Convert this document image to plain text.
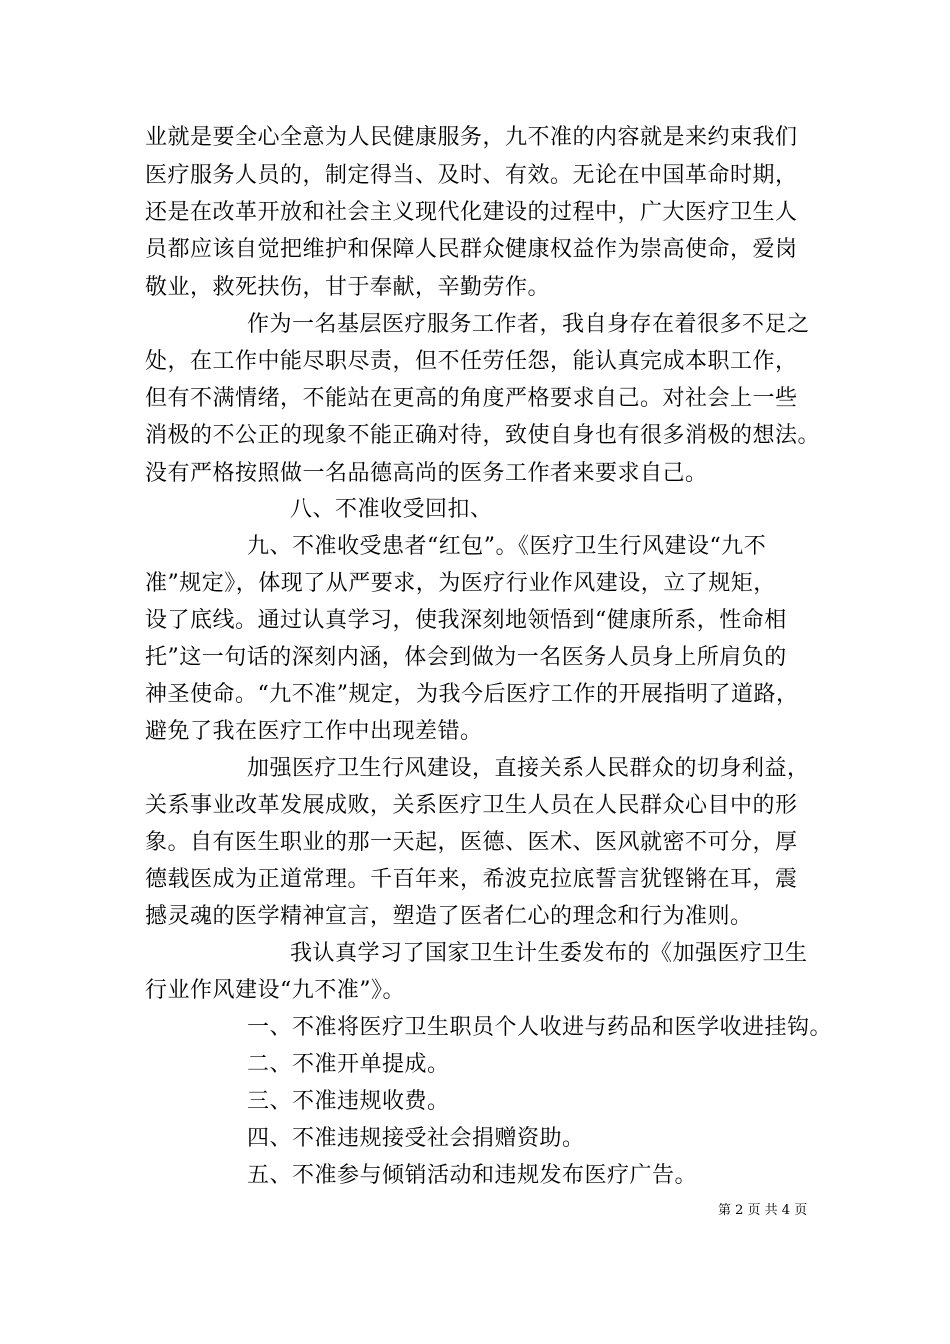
业就是要全心全意为人民健康服务，九不准的内容就是来约束我们
医疗服务人员的，制定得当、及时、有效。无论在中国革命时期，
还是在改革开放和社会主义现代化建设的过程中，广大医疗卫生人
员都应该自觉把维护和保障人民群众健康权益作为崇高使命，爱岗
敬业，救死扶伤，甘于奉献，辛勤劳作。
作为一名基层医疗服务工作者，我自身存在着很多不足之
处，在工作中能尽职尽责，但不任劳任怨，能认真完成本职工作，
但有不满情绪，不能站在更高的角度严格要求自己。对社会上一些
消极的不公正的现象不能正确对待，致使自身也有很多消极的想法。
没有严格按照做一名品德高尚的医务工作者来要求自己。
八、不准收受回扣、
九、不准收受患者“红包”。《医疗卫生行风建设“九不
准”规定》，体现了从严要求，为医疗行业作风建设，立了规矩，
设了底线。通过认真学习，使我深刻地领悟到“健康所系，性命相
托”这一句话的深刻内涵，体会到做为一名医务人员身上所肩负的
神圣使命。“九不准”规定，为我今后医疗工作的开展指明了道路，
避免了我在医疗工作中出现差错。
加强医疗卫生行风建设，直接关系人民群众的切身利益，
关系事业改革发展成败，关系医疗卫生人员在人民群众心目中的形
象。自有医生职业的那一天起，医德、医术、医风就密不可分，厚
德载医成为正道常理。千百年来，希波克拉底誓言犹铿锵在耳，震
撼灵魂的医学精神宣言，塑造了医者仁心的理念和行为准则。
我认真学习了国家卫生计生委发布的《加强医疗卫生
行业作风建设“九不准”》。
一、不准将医疗卫生职员个人收进与药品和医学收进挂钩。
二、不准开单提成。
三、不准违规收费。
四、不准违规接受社会捐赠资助。
五、不准参与倾销活动和违规发布医疗广告。
第 2 页 共 4 页
